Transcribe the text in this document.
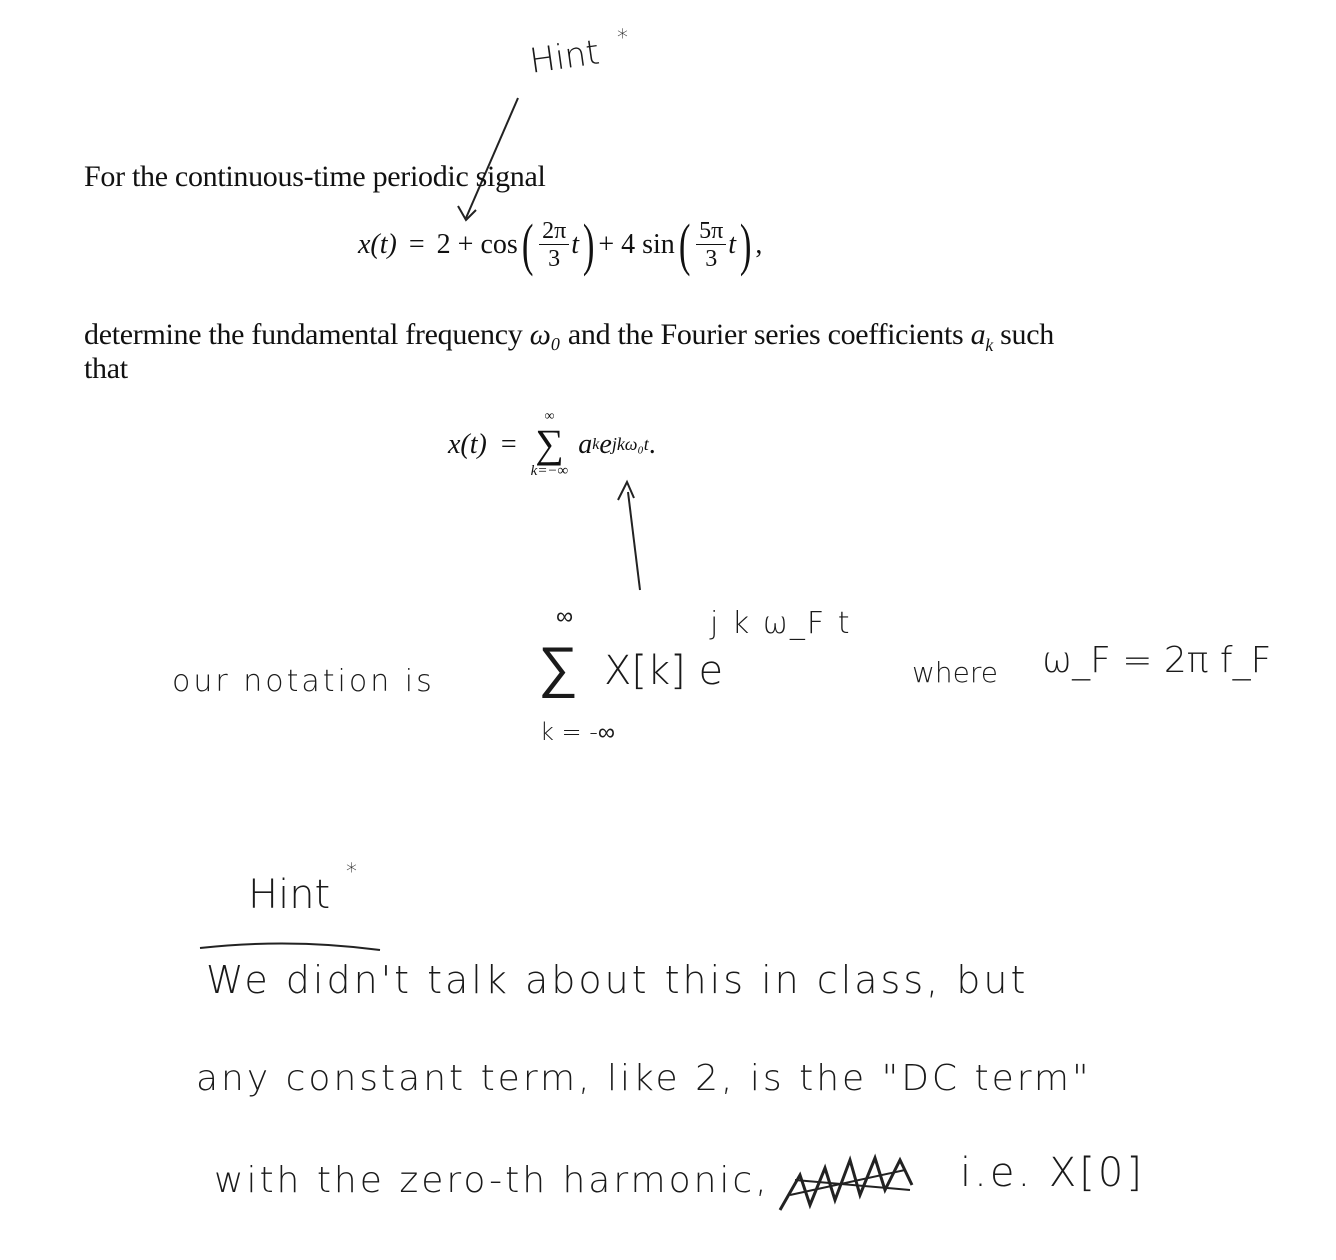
Hint *
For the continuous-time periodic signal
x(t) = 2 + cos ( $\frac{2\pi}{3}$ t ) + 4 sin ( $\frac{5\pi}{3}$ t ) ,
determine the fundamental frequency ω₀ and the Fourier series coefficients $a_k$ such
that
x(t) =
∞
∑
k=−∞
a k e jkω₀t .
our notation is
∞
∑ X[k] e
j k ω_F t
k = -∞
where ω_F = 2π f_F
Hint *
We didn't talk about this in class, but
any constant term, like 2, is the "DC term"
with the zero-th harmonic,	i.e. X[0]
